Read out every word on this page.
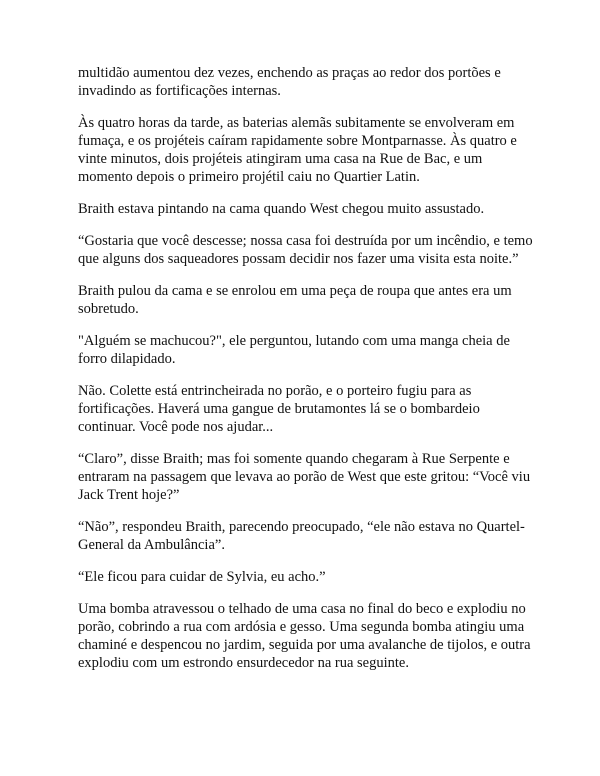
multidão aumentou dez vezes, enchendo as praças ao redor dos portões e invadindo as fortificações internas.

Às quatro horas da tarde, as baterias alemãs subitamente se envolveram em fumaça, e os projéteis caíram rapidamente sobre Montparnasse. Às quatro e vinte minutos, dois projéteis atingiram uma casa na Rue de Bac, e um momento depois o primeiro projétil caiu no Quartier Latin.

Braith estava pintando na cama quando West chegou muito assustado.

“Gostaria que você descesse; nossa casa foi destruída por um incêndio, e temo que alguns dos saqueadores possam decidir nos fazer uma visita esta noite.”

Braith pulou da cama e se enrolou em uma peça de roupa que antes era um sobretudo.

"Alguém se machucou?", ele perguntou, lutando com uma manga cheia de forro dilapidado.

Não. Colette está entrincheirada no porão, e o porteiro fugiu para as fortificações. Haverá uma gangue de brutamontes lá se o bombardeio continuar. Você pode nos ajudar...

“Claro”, disse Braith; mas foi somente quando chegaram à Rue Serpente e entraram na passagem que levava ao porão de West que este gritou: “Você viu Jack Trent hoje?”

“Não”, respondeu Braith, parecendo preocupado, “ele não estava no Quartel-General da Ambulância”.

“Ele ficou para cuidar de Sylvia, eu acho.”

Uma bomba atravessou o telhado de uma casa no final do beco e explodiu no porão, cobrindo a rua com ardósia e gesso. Uma segunda bomba atingiu uma chaminé e despencou no jardim, seguida por uma avalanche de tijolos, e outra explodiu com um estrondo ensurdecedor na rua seguinte.
